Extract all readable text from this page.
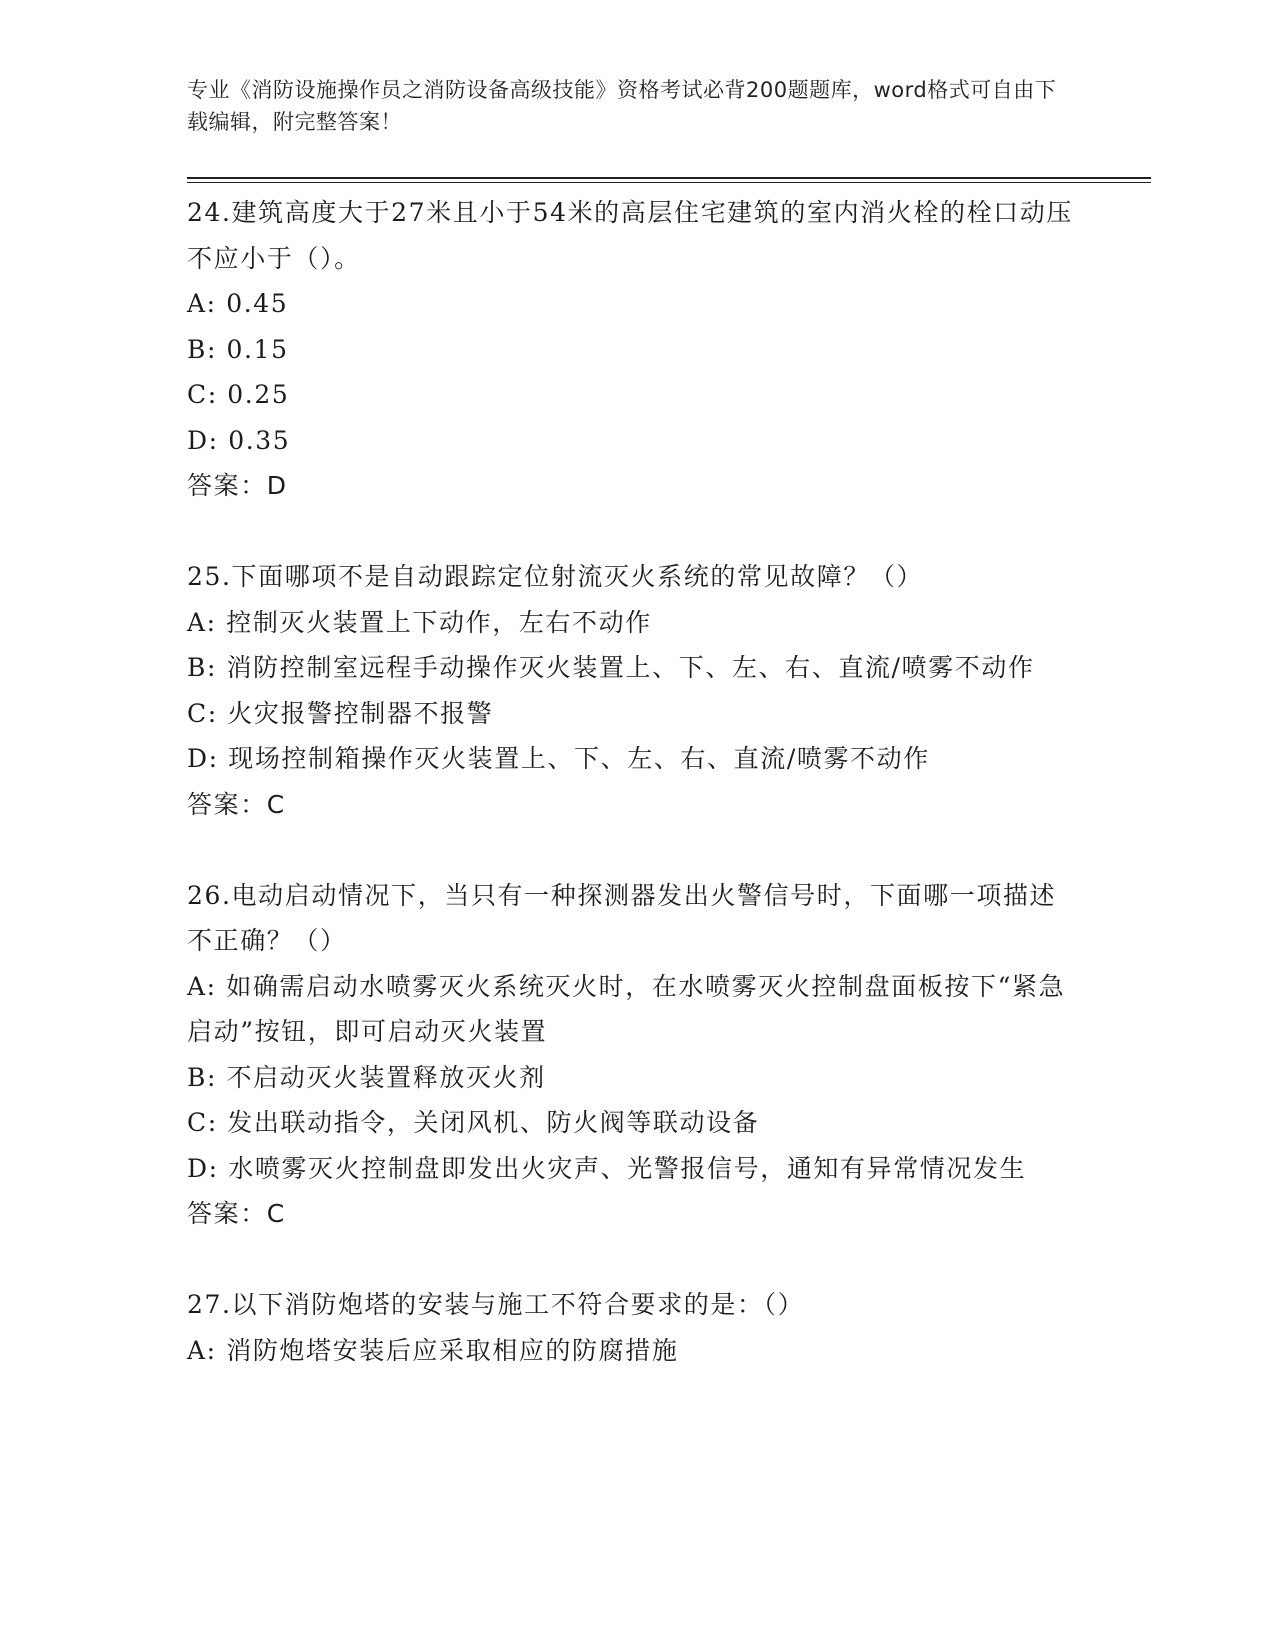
专业《消防设施操作员之消防设备高级技能》资格考试必背200题题库，word格式可自由下载编辑，附完整答案！
24.建筑高度大于27米且小于54米的高层住宅建筑的室内消火栓的栓口动压不应小于（）。
A: 0.45
B: 0.15
C: 0.25
D: 0.35
答案：D
25.下面哪项不是自动跟踪定位射流灭火系统的常见故障？（）
A: 控制灭火装置上下动作，左右不动作
B: 消防控制室远程手动操作灭火装置上、下、左、右、直流/喷雾不动作
C: 火灾报警控制器不报警
D: 现场控制箱操作灭火装置上、下、左、右、直流/喷雾不动作
答案：C
26.电动启动情况下，当只有一种探测器发出火警信号时，下面哪一项描述不正确？（）
A: 如确需启动水喷雾灭火系统灭火时，在水喷雾灭火控制盘面板按下“紧急启动”按钮，即可启动灭火装置
B: 不启动灭火装置释放灭火剂
C: 发出联动指令，关闭风机、防火阀等联动设备
D: 水喷雾灭火控制盘即发出火灾声、光警报信号，通知有异常情况发生
答案：C
27.以下消防炮塔的安装与施工不符合要求的是：（）
A: 消防炮塔安装后应采取相应的防腐措施
